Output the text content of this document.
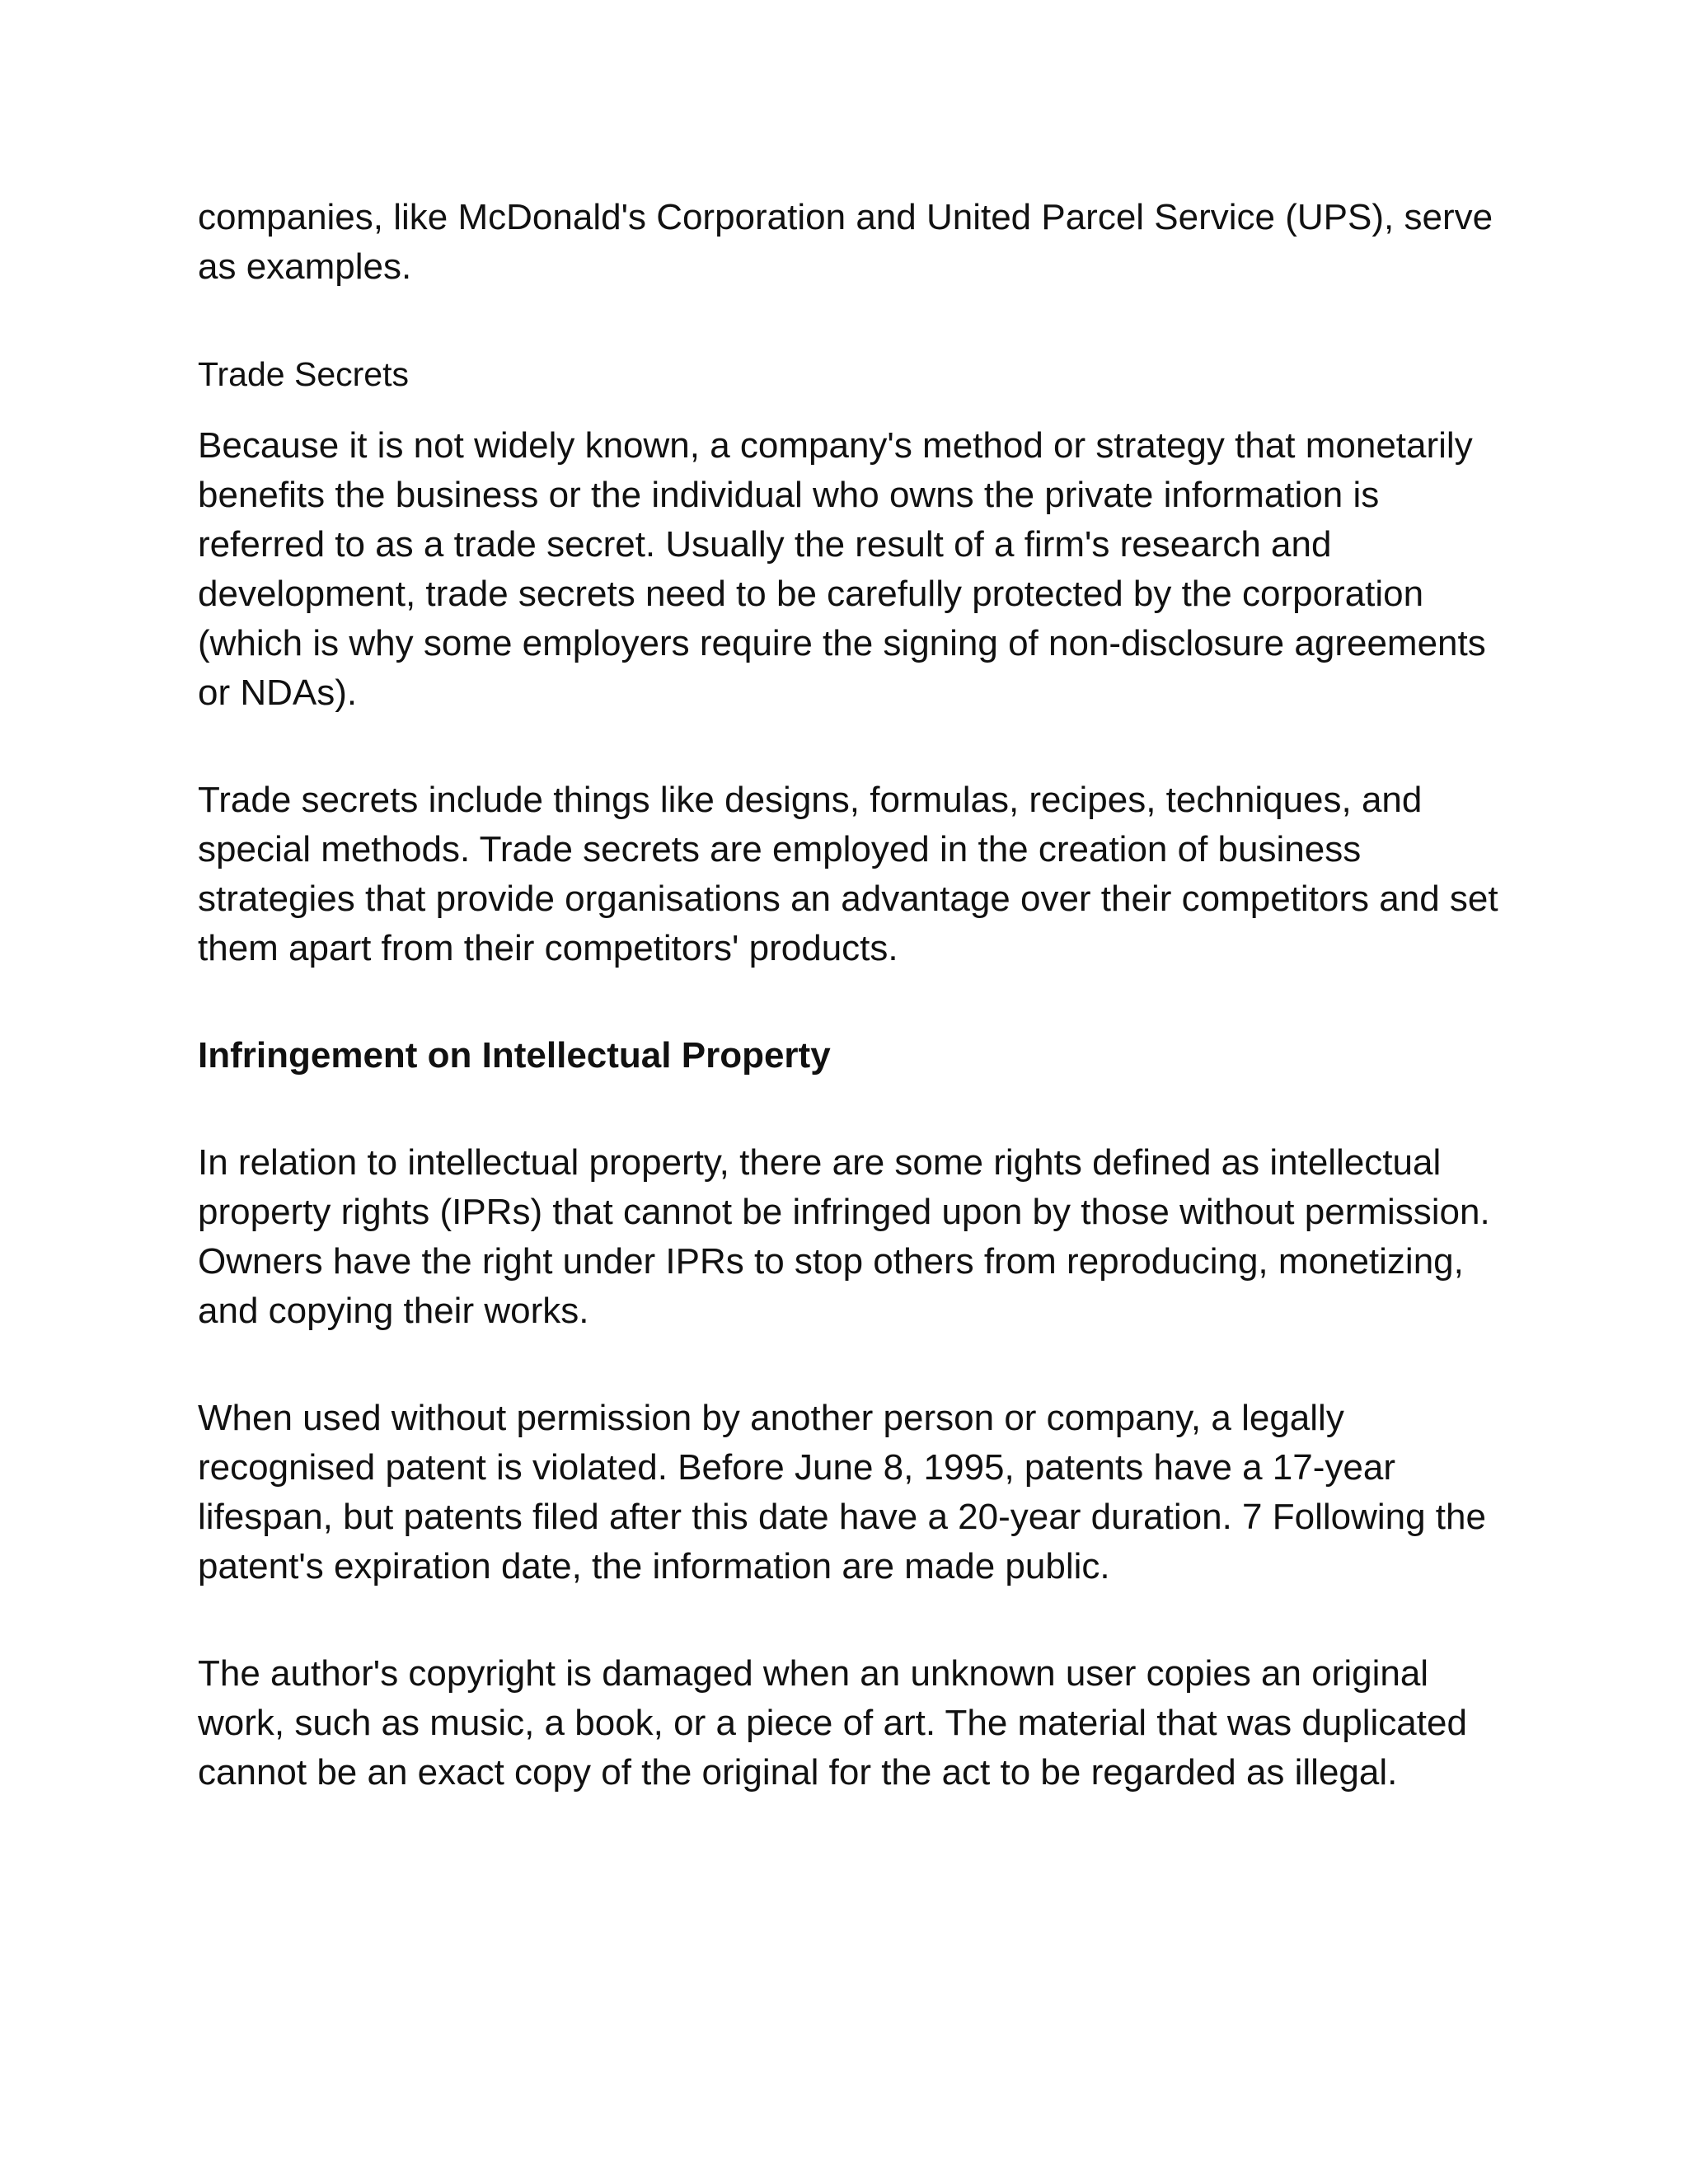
companies, like McDonald's Corporation and United Parcel Service (UPS), serve as examples.

Trade Secrets

Because it is not widely known, a company's method or strategy that monetarily benefits the business or the individual who owns the private information is referred to as a trade secret. Usually the result of a firm's research and development, trade secrets need to be carefully protected by the corporation (which is why some employers require the signing of non-disclosure agreements or NDAs).

Trade secrets include things like designs, formulas, recipes, techniques, and special methods. Trade secrets are employed in the creation of business strategies that provide organisations an advantage over their competitors and set them apart from their competitors' products.

Infringement on Intellectual Property

In relation to intellectual property, there are some rights defined as intellectual property rights (IPRs) that cannot be infringed upon by those without permission. Owners have the right under IPRs to stop others from reproducing, monetizing, and copying their works.

When used without permission by another person or company, a legally recognised patent is violated. Before June 8, 1995, patents have a 17-year lifespan, but patents filed after this date have a 20-year duration. 7 Following the patent's expiration date, the information are made public.

The author's copyright is damaged when an unknown user copies an original work, such as music, a book, or a piece of art. The material that was duplicated cannot be an exact copy of the original for the act to be regarded as illegal.
